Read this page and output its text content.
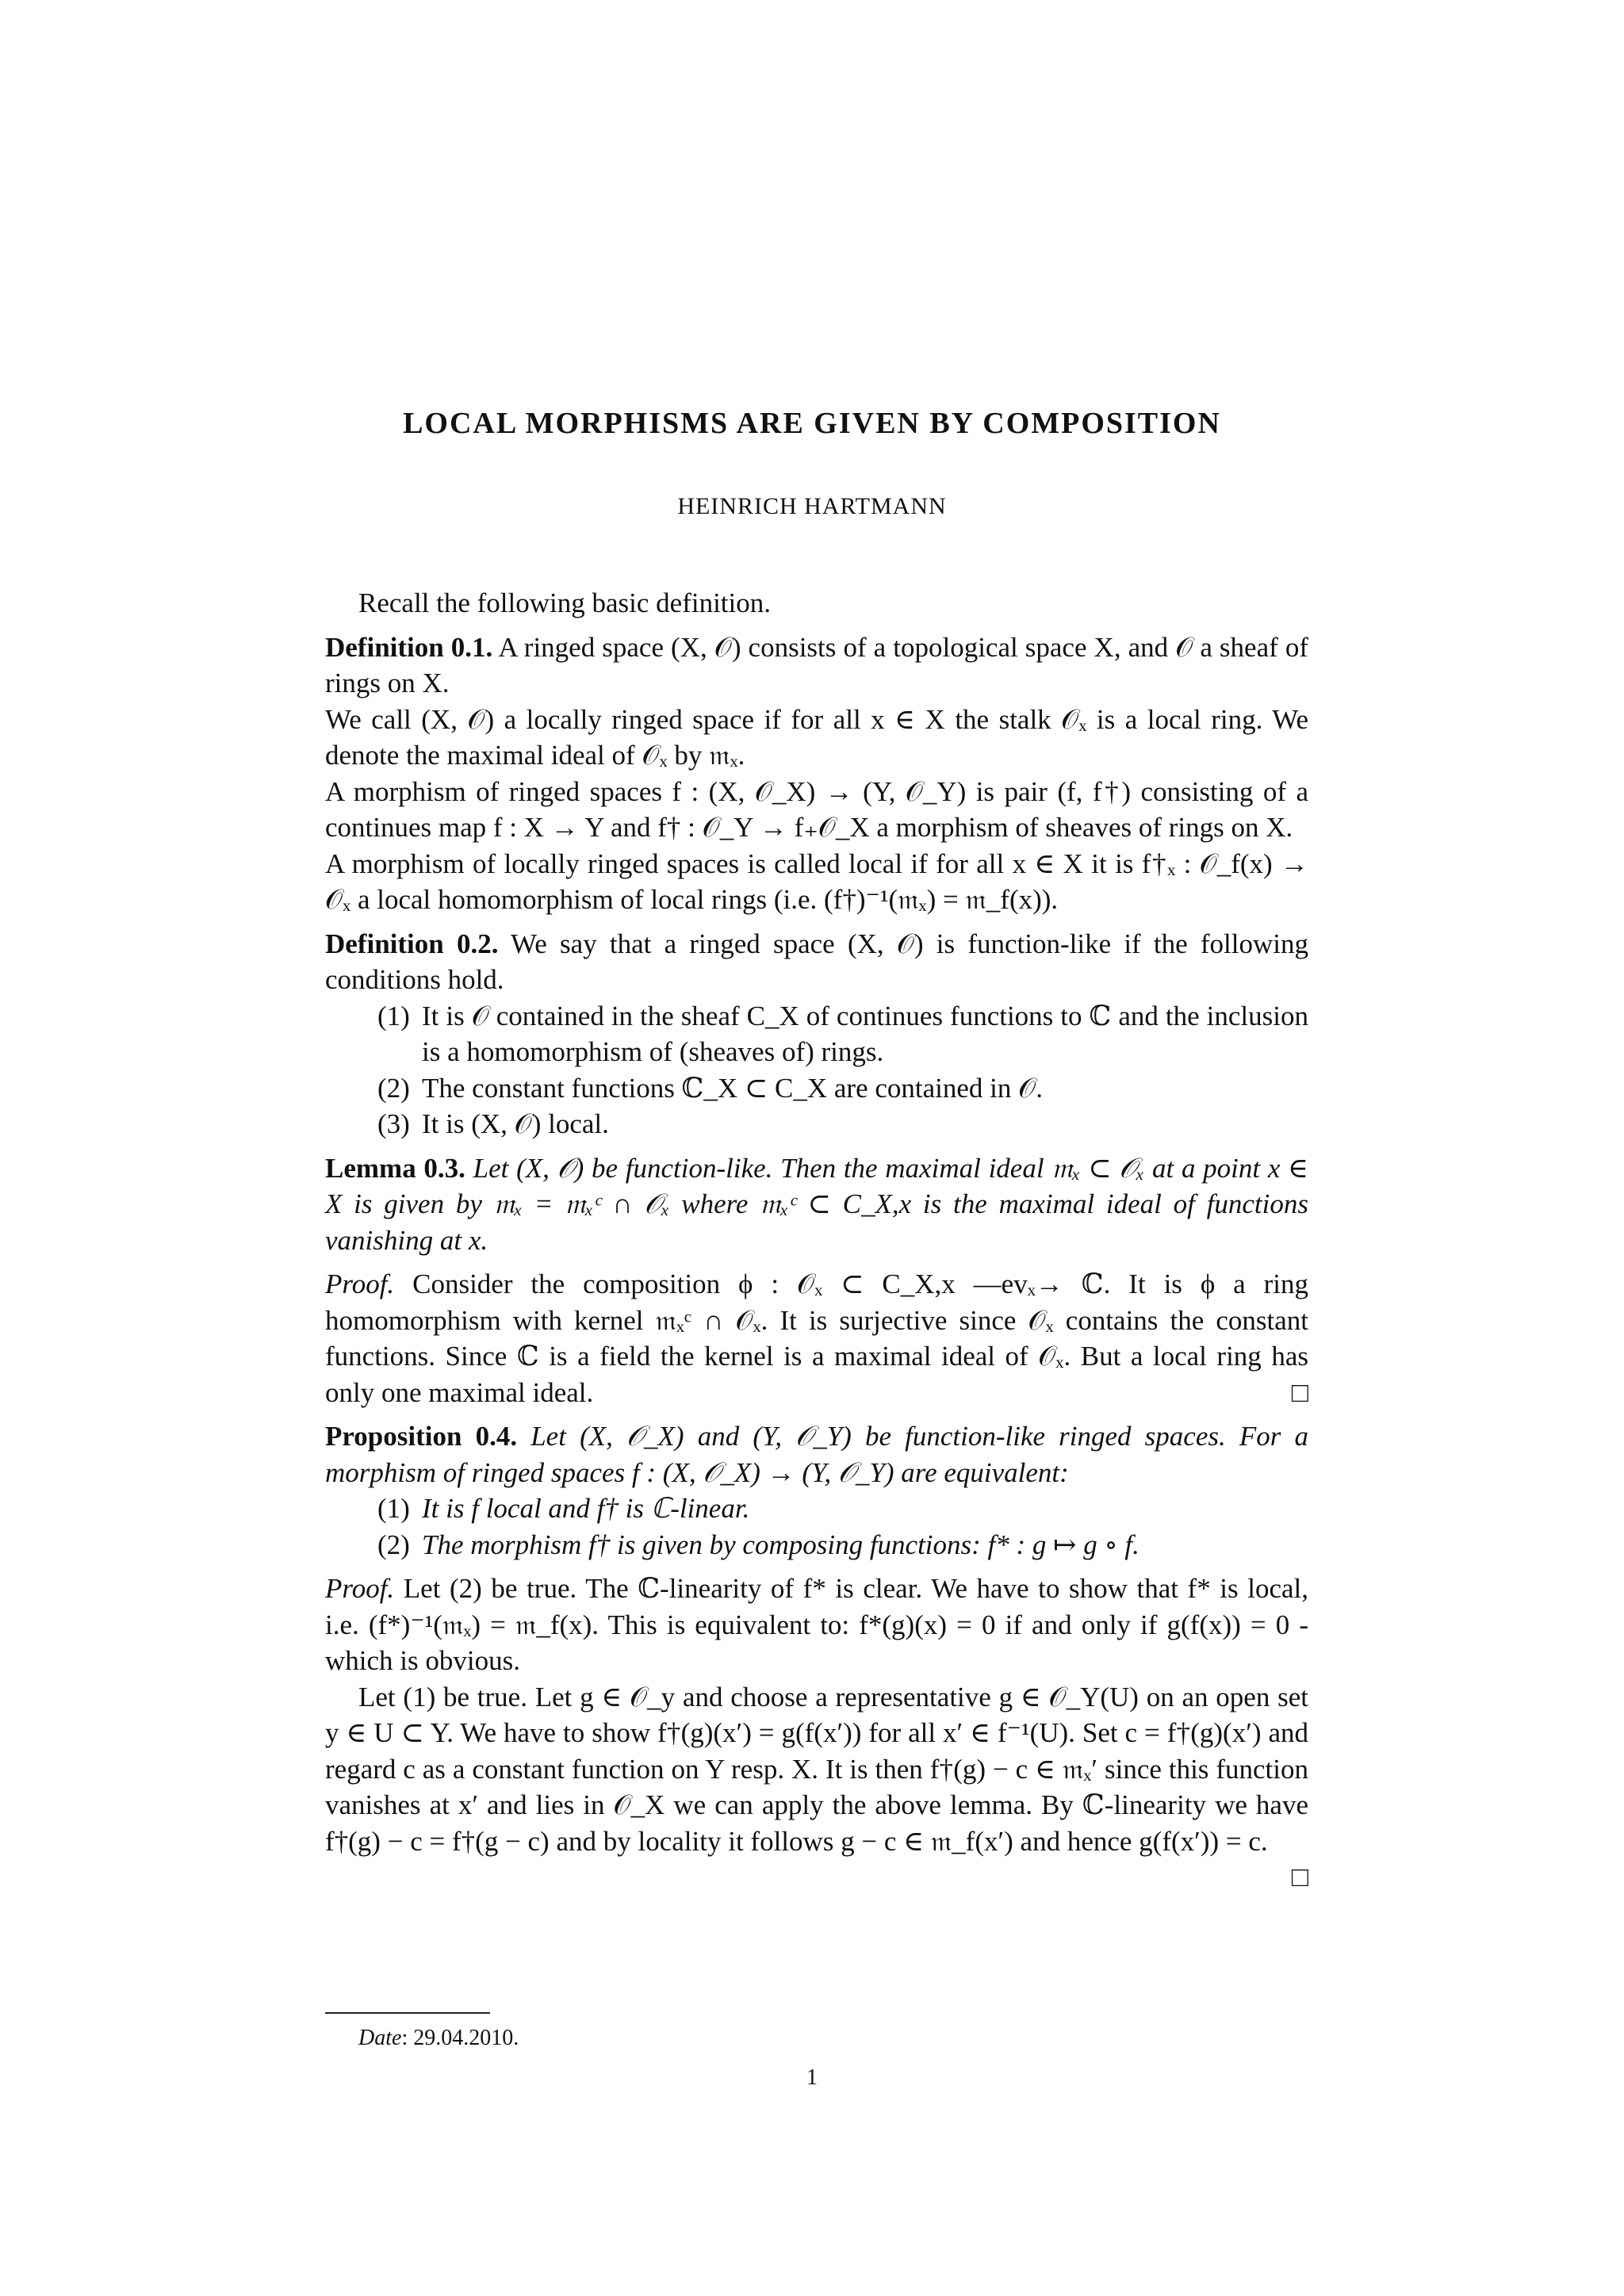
LOCAL MORPHISMS ARE GIVEN BY COMPOSITION
HEINRICH HARTMANN

Recall the following basic definition.

Definition 0.1. A ringed space (X, 𝒪) consists of a topological space X, and 𝒪 a sheaf of rings on X.

We call (X, 𝒪) a locally ringed space if for all x ∈ X the stalk 𝒪ₓ is a local ring. We denote the maximal ideal of 𝒪ₓ by 𝔪ₓ.

A morphism of ringed spaces f : (X, 𝒪_X) → (Y, 𝒪_Y) is pair (f, f†) consisting of a continues map f : X → Y and f† : 𝒪_Y → f₊𝒪_X a morphism of sheaves of rings on X.

A morphism of locally ringed spaces is called local if for all x ∈ X it is f†ₓ : 𝒪_f(x) → 𝒪ₓ a local homomorphism of local rings (i.e. (f†)⁻¹(𝔪ₓ) = 𝔪_f(x)).

Definition 0.2. We say that a ringed space (X, 𝒪) is function-like if the following conditions hold.

(1) It is 𝒪 contained in the sheaf C_X of continues functions to ℂ and the inclusion is a homomorphism of (sheaves of) rings.
(2) The constant functions ℂ_X ⊂ C_X are contained in 𝒪.
(3) It is (X, 𝒪) local.

Lemma 0.3. Let (X, 𝒪) be function-like. Then the maximal ideal 𝔪ₓ ⊂ 𝒪ₓ at a point x ∈ X is given by 𝔪ₓ = 𝔪ₓᶜ ∩ 𝒪ₓ where 𝔪ₓᶜ ⊂ C_X,x is the maximal ideal of functions vanishing at x.

Proof. Consider the composition ϕ : 𝒪ₓ ⊂ C_X,x —evₓ→ ℂ. It is ϕ a ring homomorphism with kernel 𝔪ₓᶜ ∩ 𝒪ₓ. It is surjective since 𝒪ₓ contains the constant functions. Since ℂ is a field the kernel is a maximal ideal of 𝒪ₓ. But a local ring has only one maximal ideal.	□

Proposition 0.4. Let (X, 𝒪_X) and (Y, 𝒪_Y) be function-like ringed spaces. For a morphism of ringed spaces f : (X, 𝒪_X) → (Y, 𝒪_Y) are equivalent:

(1) It is f local and f† is ℂ-linear.
(2) The morphism f† is given by composing functions: f* : g ↦ g ∘ f.

Proof. Let (2) be true. The ℂ-linearity of f* is clear. We have to show that f* is local, i.e. (f*)⁻¹(𝔪ₓ) = 𝔪_f(x). This is equivalent to: f*(g)(x) = 0 if and only if g(f(x)) = 0 - which is obvious.

Let (1) be true. Let g ∈ 𝒪_y and choose a representative g ∈ 𝒪_Y(U) on an open set y ∈ U ⊂ Y. We have to show f†(g)(x′) = g(f(x′)) for all x′ ∈ f⁻¹(U). Set c = f†(g)(x′) and regard c as a constant function on Y resp. X. It is then f†(g) − c ∈ 𝔪ₓ′ since this function vanishes at x′ and lies in 𝒪_X we can apply the above lemma. By ℂ-linearity we have f†(g) − c = f†(g − c) and by locality it follows g − c ∈ 𝔪_f(x′) and hence g(f(x′)) = c.
□

Date: 29.04.2010.
1
